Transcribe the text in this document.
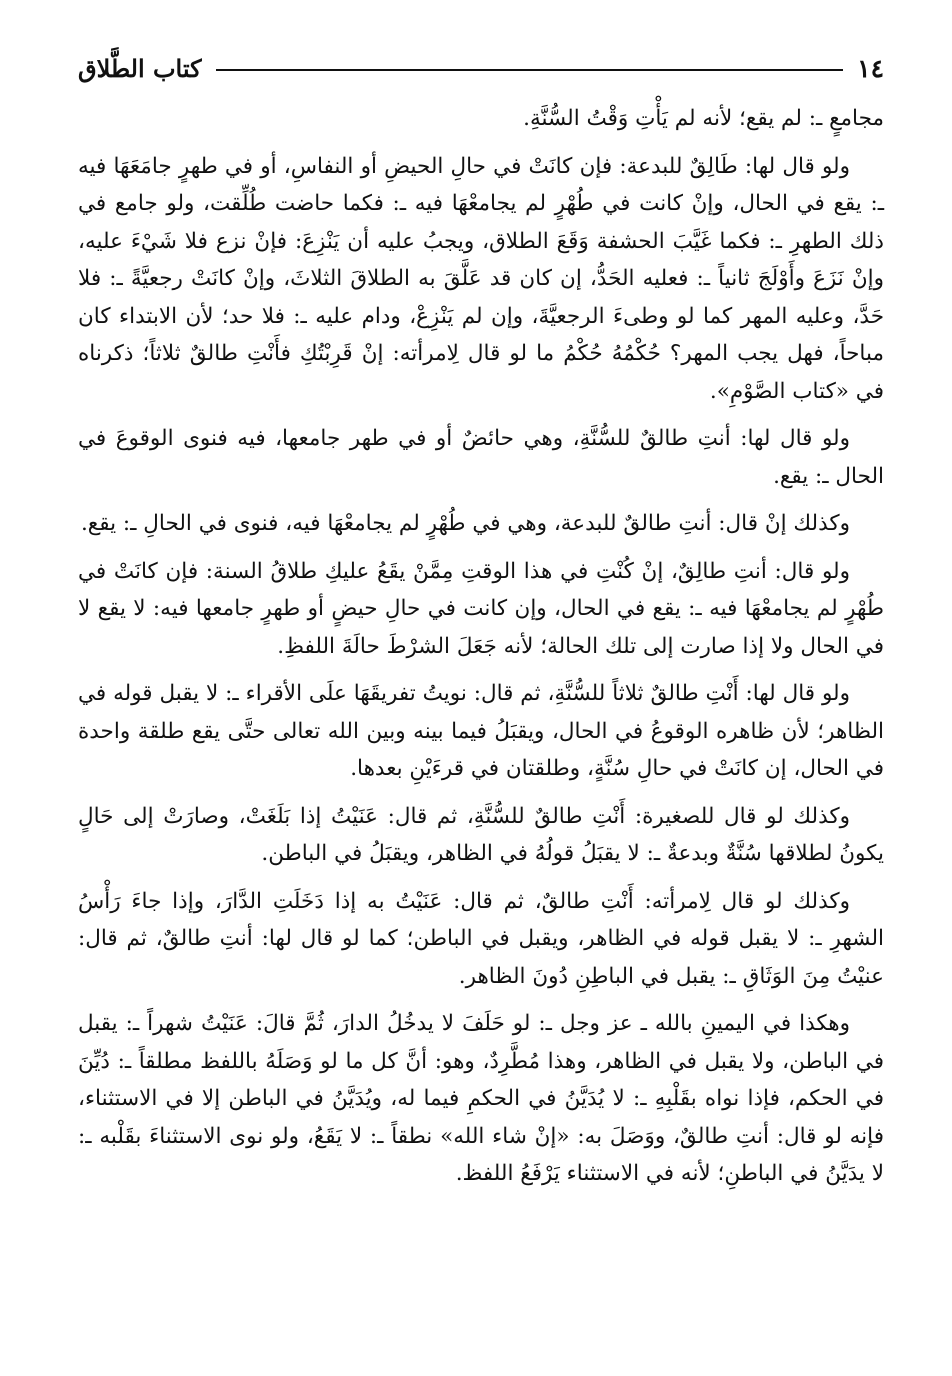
١٤
كتاب الطَّلاق

مجامعٍ ـ: لم يقع؛ لأنه لم يَأْتِ وَقْتُ السُّنَّةِ.

ولو قال لها: طَالِقٌ للبدعة: فإن كانَتْ في حالِ الحيضِ أو النفاسِ، أو في طهرٍ جامَعَهَا فيه ـ: يقع في الحال، وإنْ كانت في طُهْرٍ لم يجامعْهَا فيه ـ: فكما حاضت طُلِّقت، ولو جامع في ذلك الطهرِ ـ: فكما غَيَّبَ الحشفة وَقَعَ الطلاق، ويجبُ عليه أن يَنْزِعَ: فإنْ نزع فلا شَيْءَ عليه، وإنْ نَزَعَ وأَوْلَجَ ثانياً ـ: فعليه الحَدُّ، إن كان قد عَلَّقَ به الطلاقَ الثلاثَ، وإنْ كانَتْ رجعيَّةً ـ: فلا حَدَّ، وعليه المهر كما لو وطىءَ الرجعيَّةَ، وإن لم يَنْزِعْ، ودام عليه ـ: فلا حد؛ لأن الابتداء كان مباحاً، فهل يجب المهر؟ حُكْمُهُ حُكْمُ ما لو قال لِامرأته: إنْ قَرِبْتُكِ فأَنْتِ طالقٌ ثلاثاً؛ ذكرناه في «كتاب الصَّوْمِ».

ولو قال لها: أنتِ طالقٌ للسُّنَّةِ، وهي حائضٌ أو في طهر جامعها، فيه فنوى الوقوعَ في الحال ـ: يقع.

وكذلك إنْ قال: أنتِ طالقٌ للبدعة، وهي في طُهْرٍ لم يجامعْهَا فيه، فنوى في الحالِ ـ: يقع.

ولو قال: أنتِ طالِقٌ، إنْ كُنْتِ في هذا الوقتِ مِمَّنْ يقَعُ عليكِ طلاقُ السنة: فإن كانَتْ في طُهْرٍ لم يجامعْهَا فيه ـ: يقع في الحال، وإن كانت في حالِ حيضٍ أو طهرٍ جامعها فيه: لا يقع لا في الحال ولا إذا صارت إلى تلك الحالة؛ لأنه جَعَلَ الشرْطَ حالَةَ اللفظِ.

ولو قال لها: أَنْتِ طالقٌ ثلاثاً للسُّنَّةِ، ثم قال: نويتُ تفريقَهَا علَى الأقراء ـ: لا يقبل قوله في الظاهر؛ لأن ظاهره الوقوعُ في الحال، ويقبَلُ فيما بينه وبين الله تعالى حتَّى يقع طلقة واحدة في الحال، إن كانَتْ في حالِ سُنَّةٍ، وطلقتان في قرءَيْنِ بعدها.

وكذلك لو قال للصغيرة: أَنْتِ طالقٌ للسُّنَّةِ، ثم قال: عَنَيْتُ إذا بَلَغَتْ، وصارَتْ إلى حَالٍ يكونُ لطلاقها سُنَّةٌ وبدعةٌ ـ: لا يقبَلُ قولُهُ في الظاهر، ويقبَلُ في الباطن.

وكذلك لو قال لِامرأته: أَنْتِ طالقٌ، ثم قال: عَنَيْتُ به إذا دَخَلَتِ الدَّارَ، وإذا جاءَ رَأْسُ الشهرِ ـ: لا يقبل قوله في الظاهر، ويقبل في الباطن؛ كما لو قال لها: أنتِ طالقٌ، ثم قال: عنيْتُ مِنَ الوَثَاقِ ـ: يقبل في الباطِنِ دُونَ الظاهر.

وهكذا في اليمينِ بالله ـ عز وجل ـ: لو حَلَفَ لا يدخُلُ الدارَ، ثُمَّ قالَ: عَنَيْتُ شهراً ـ: يقبل في الباطن، ولا يقبل في الظاهر، وهذا مُطَّرِدٌ، وهو: أنَّ كل ما لو وَصَلَهُ باللفظ مطلقاً ـ: دُيِّنَ في الحكم، فإذا نواه بقَلْبِهِ ـ: لا يُدَيَّنُ في الحكمِ فيما له، ويُدَيَّنُ في الباطن إلا في الاستثناء، فإنه لو قال: أنتِ طالقٌ، ووَصَلَ به: «إنْ شاء الله» نطقاً ـ: لا يَقَعُ، ولو نوى الاستثناءَ بقَلْبه ـ: لا يدَيَّنُ في الباطنِ؛ لأنه في الاستثناء يَرْفَعُ اللفظ.
